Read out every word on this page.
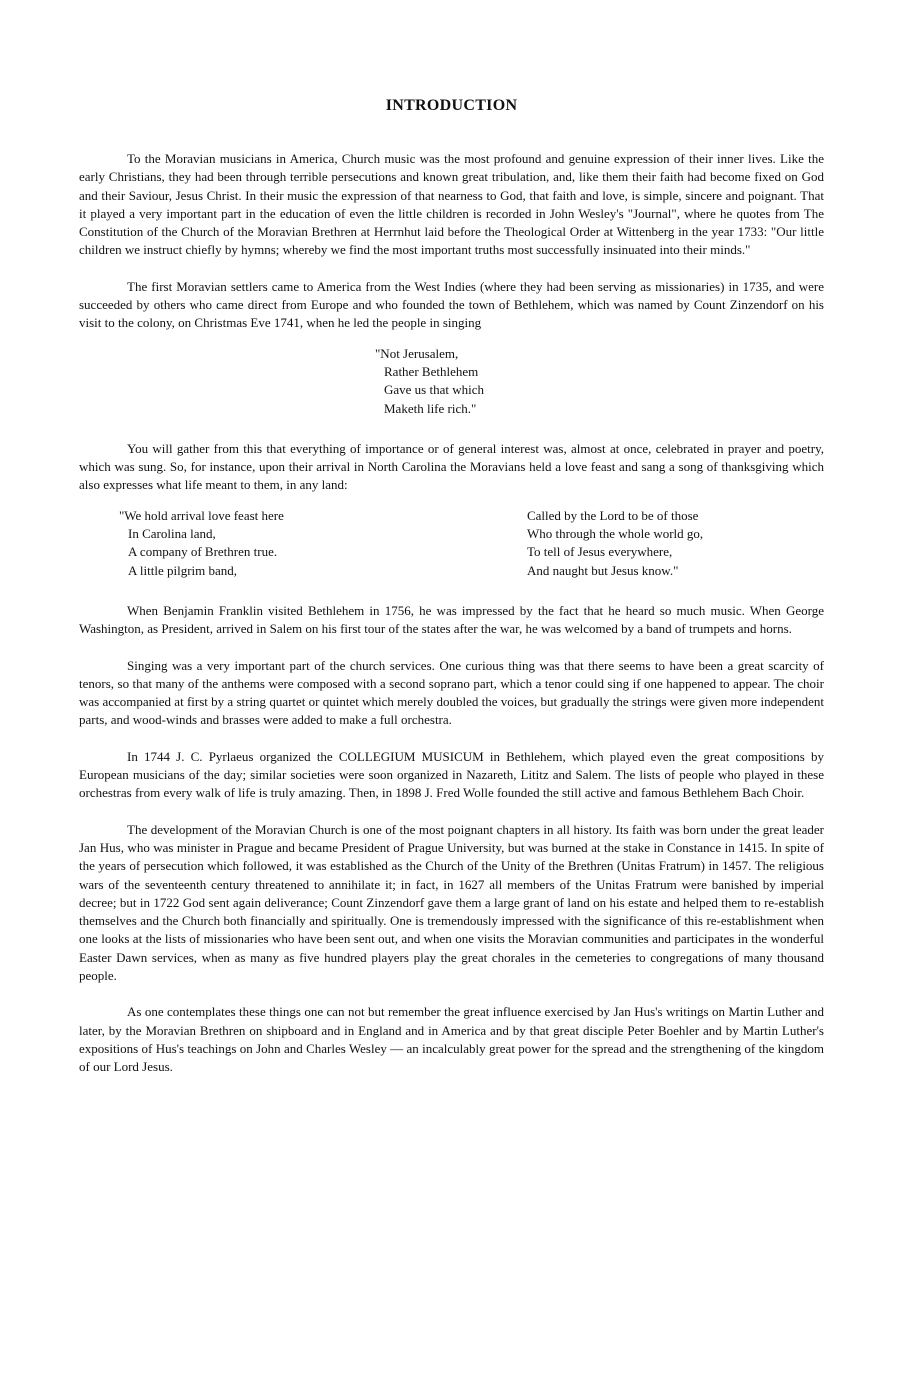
INTRODUCTION

To the Moravian musicians in America, Church music was the most profound and genuine expression of their inner lives. Like the early Christians, they had been through terrible persecutions and known great tribulation, and, like them their faith had become fixed on God and their Saviour, Jesus Christ. In their music the expression of that nearness to God, that faith and love, is simple, sincere and poignant. That it played a very important part in the education of even the little children is recorded in John Wesley's "Journal", where he quotes from The Constitution of the Church of the Moravian Brethren at Herrnhut laid before the Theological Order at Wittenberg in the year 1733: "Our little children we instruct chiefly by hymns; whereby we find the most important truths most successfully insinuated into their minds."

The first Moravian settlers came to America from the West Indies (where they had been serving as missionaries) in 1735, and were succeeded by others who came direct from Europe and who founded the town of Bethlehem, which was named by Count Zinzendorf on his visit to the colony, on Christmas Eve 1741, when he led the people in singing

"Not Jerusalem,
Rather Bethlehem
Gave us that which
Maketh life rich."

You will gather from this that everything of importance or of general interest was, almost at once, celebrated in prayer and poetry, which was sung. So, for instance, upon their arrival in North Carolina the Moravians held a love feast and sang a song of thanksgiving which also expresses what life meant to them, in any land:

"We hold arrival love feast here
In Carolina land,
A company of Brethren true.
A little pilgrim band,
Called by the Lord to be of those
Who through the whole world go,
To tell of Jesus everywhere,
And naught but Jesus know."

When Benjamin Franklin visited Bethlehem in 1756, he was impressed by the fact that he heard so much music. When George Washington, as President, arrived in Salem on his first tour of the states after the war, he was welcomed by a band of trumpets and horns.

Singing was a very important part of the church services. One curious thing was that there seems to have been a great scarcity of tenors, so that many of the anthems were composed with a second soprano part, which a tenor could sing if one happened to appear. The choir was accompanied at first by a string quartet or quintet which merely doubled the voices, but gradually the strings were given more independent parts, and wood-winds and brasses were added to make a full orchestra.

In 1744 J. C. Pyrlaeus organized the COLLEGIUM MUSICUM in Bethlehem, which played even the great compositions by European musicians of the day; similar societies were soon organized in Nazareth, Lititz and Salem. The lists of people who played in these orchestras from every walk of life is truly amazing. Then, in 1898 J. Fred Wolle founded the still active and famous Bethlehem Bach Choir.

The development of the Moravian Church is one of the most poignant chapters in all history. Its faith was born under the great leader Jan Hus, who was minister in Prague and became President of Prague University, but was burned at the stake in Constance in 1415. In spite of the years of persecution which followed, it was established as the Church of the Unity of the Brethren (Unitas Fratrum) in 1457. The religious wars of the seventeenth century threatened to annihilate it; in fact, in 1627 all members of the Unitas Fratrum were banished by imperial decree; but in 1722 God sent again deliverance; Count Zinzendorf gave them a large grant of land on his estate and helped them to re-establish themselves and the Church both financially and spiritually. One is tremendously impressed with the significance of this re-establishment when one looks at the lists of missionaries who have been sent out, and when one visits the Moravian communities and participates in the wonderful Easter Dawn services, when as many as five hundred players play the great chorales in the cemeteries to congregations of many thousand people.

As one contemplates these things one can not but remember the great influence exercised by Jan Hus's writings on Martin Luther and later, by the Moravian Brethren on shipboard and in England and in America and by that great disciple Peter Boehler and by Martin Luther's expositions of Hus's teachings on John and Charles Wesley — an incalculably great power for the spread and the strengthening of the kingdom of our Lord Jesus.
